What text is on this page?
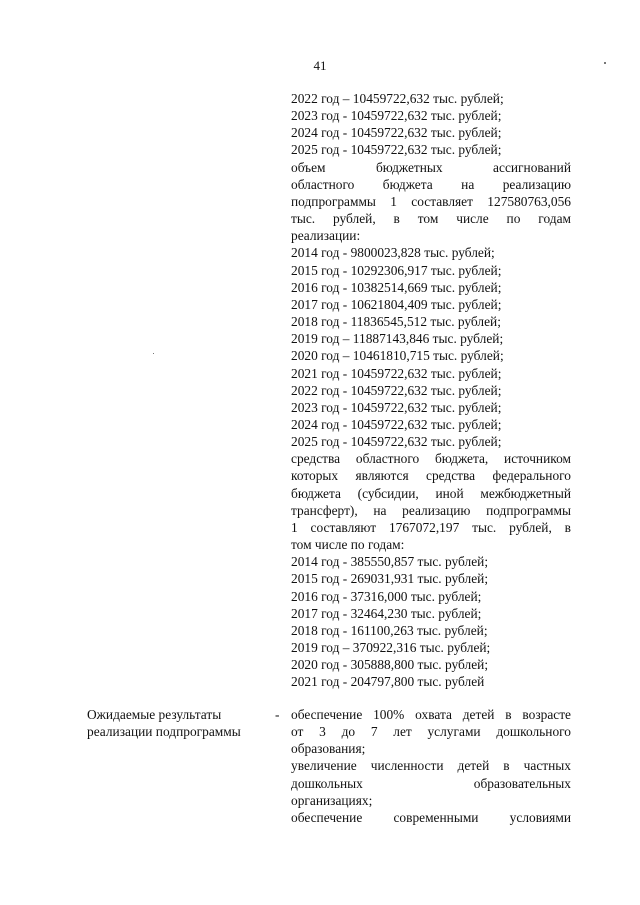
41
2022 год – 10459722,632 тыс. рублей;
2023 год - 10459722,632 тыс. рублей;
2024 год - 10459722,632 тыс. рублей;
2025 год - 10459722,632 тыс. рублей;
объем бюджетных ассигнований
областного бюджета на реализацию
подпрограммы 1 составляет 127580763,056
тыс. рублей, в том числе по годам
реализации:
2014 год - 9800023,828 тыс. рублей;
2015 год - 10292306,917 тыс. рублей;
2016 год - 10382514,669 тыс. рублей;
2017 год - 10621804,409 тыс. рублей;
2018 год - 11836545,512 тыс. рублей;
2019 год – 11887143,846 тыс. рублей;
2020 год – 10461810,715 тыс. рублей;
2021 год - 10459722,632 тыс. рублей;
2022 год - 10459722,632 тыс. рублей;
2023 год - 10459722,632 тыс. рублей;
2024 год - 10459722,632 тыс. рублей;
2025 год - 10459722,632 тыс. рублей;
средства областного бюджета, источником
которых являются средства федерального
бюджета (субсидии, иной межбюджетный
трансферт), на реализацию подпрограммы
1 составляют 1767072,197 тыс. рублей, в
том числе по годам:
2014 год - 385550,857 тыс. рублей;
2015 год - 269031,931 тыс. рублей;
2016 год - 37316,000 тыс. рублей;
2017 год - 32464,230 тыс. рублей;
2018 год - 161100,263 тыс. рублей;
2019 год – 370922,316 тыс. рублей;
2020 год - 305888,800 тыс. рублей;
2021 год - 204797,800 тыс. рублей
Ожидаемые результаты
реализации подпрограммы
- обеспечение 100% охвата детей в возрасте
от 3 до 7 лет услугами дошкольного
образования;
увеличение численности детей в частных
дошкольных образовательных
организациях;
обеспечение современными условиями
